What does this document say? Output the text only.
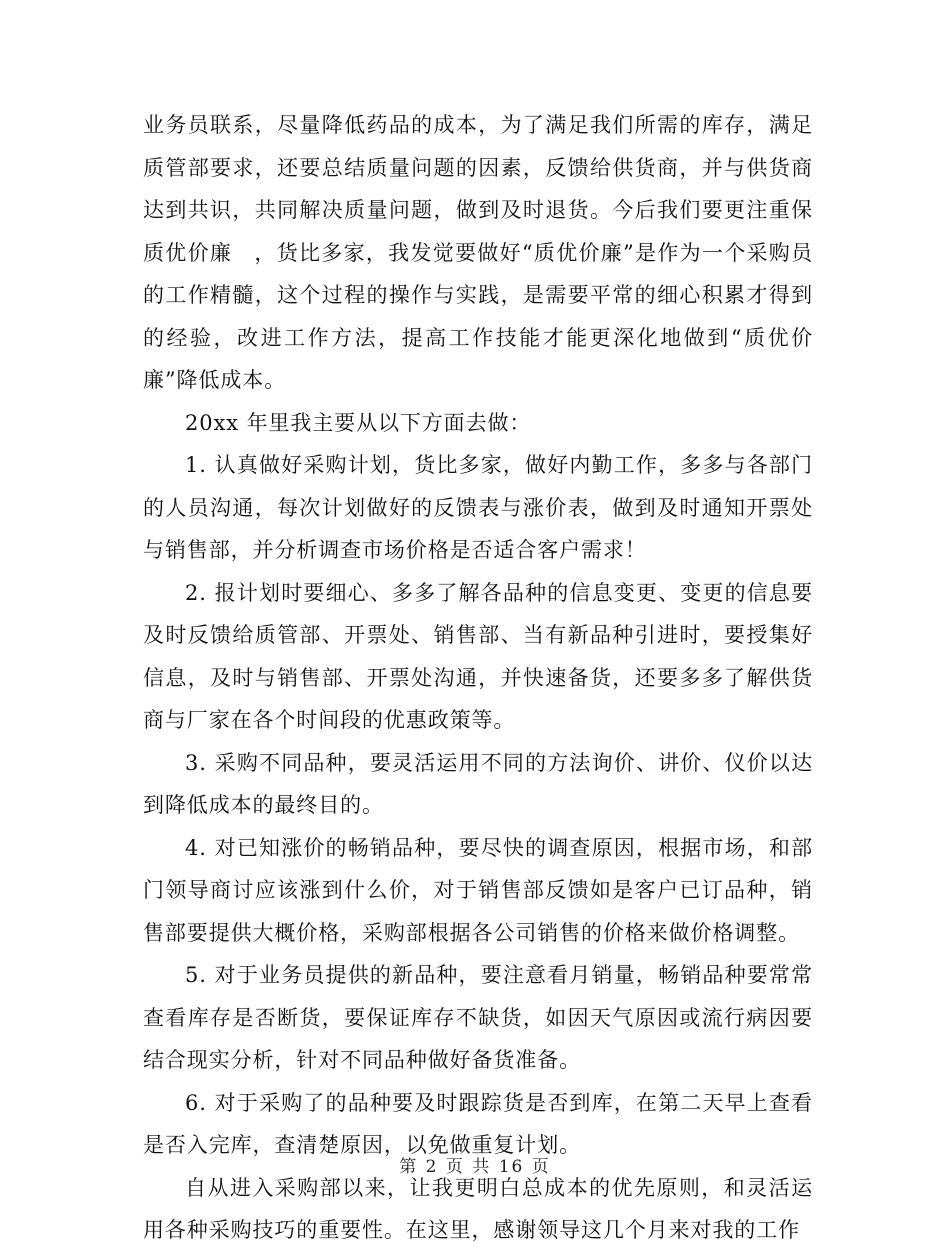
业务员联系，尽量降低药品的成本，为了满足我们所需的库存，满足质管部要求，还要总结质量问题的因素，反馈给供货商，并与供货商达到共识，共同解决质量问题，做到及时退货。今后我们要更注重保质优价廉　，货比多家，我发觉要做好“质优价廉”是作为一个采购员的工作精髓，这个过程的操作与实践，是需要平常的细心积累才得到的经验，改进工作方法，提高工作技能才能更深化地做到“质优价廉”降低成本。

20xx 年里我主要从以下方面去做：

1. 认真做好采购计划，货比多家，做好内勤工作，多多与各部门的人员沟通，每次计划做好的反馈表与涨价表，做到及时通知开票处与销售部，并分析调查市场价格是否适合客户需求！

2. 报计划时要细心、多多了解各品种的信息变更、变更的信息要及时反馈给质管部、开票处、销售部、当有新品种引进时，要授集好信息，及时与销售部、开票处沟通，并快速备货，还要多多了解供货商与厂家在各个时间段的优惠政策等。

3. 采购不同品种，要灵活运用不同的方法询价、讲价、仪价以达到降低成本的最终目的。

4. 对已知涨价的畅销品种，要尽快的调查原因，根据市场，和部门领导商讨应该涨到什么价，对于销售部反馈如是客户已订品种，销售部要提供大概价格，采购部根据各公司销售的价格来做价格调整。

5. 对于业务员提供的新品种，要注意看月销量，畅销品种要常常查看库存是否断货，要保证库存不缺货，如因天气原因或流行病因要结合现实分析，针对不同品种做好备货准备。

6. 对于采购了的品种要及时跟踪货是否到库，在第二天早上查看是否入完库，查清楚原因，以免做重复计划。

自从进入采购部以来，让我更明白总成本的优先原则，和灵活运用各种采购技巧的重要性。在这里，感谢领导这几个月来对我的工作

第 2 页 共 16 页
